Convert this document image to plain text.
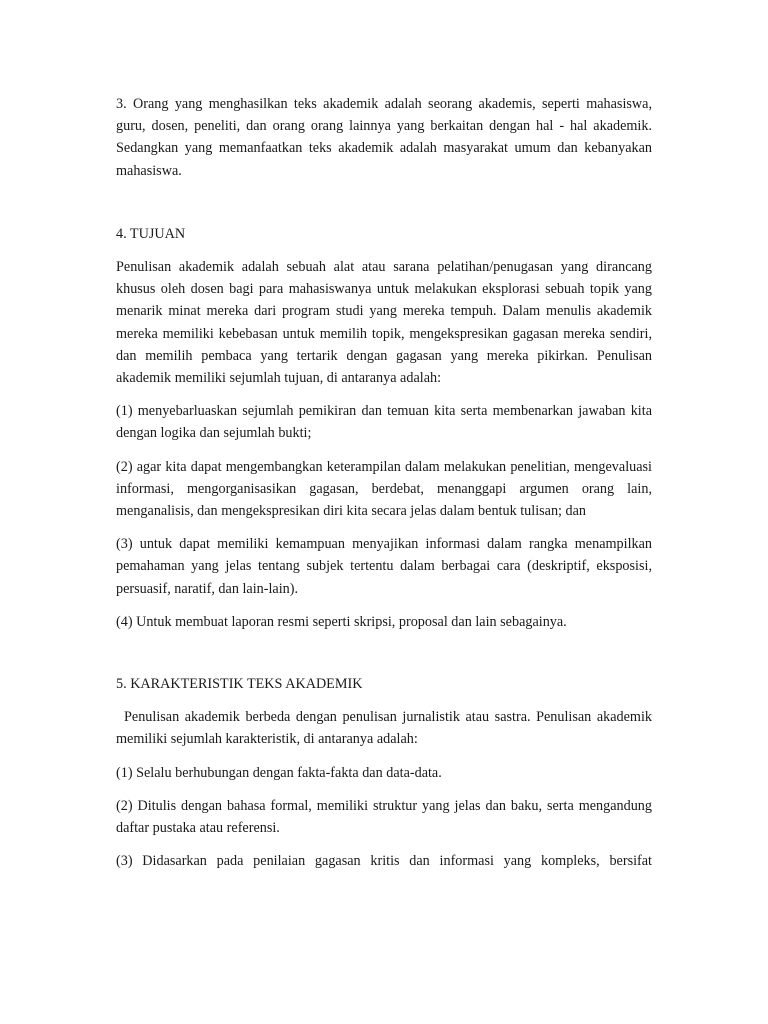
3. Orang yang menghasilkan teks akademik adalah seorang akademis, seperti mahasiswa, guru, dosen, peneliti, dan orang orang lainnya yang berkaitan dengan hal - hal akademik. Sedangkan yang memanfaatkan teks akademik adalah masyarakat umum dan kebanyakan mahasiswa.

4. TUJUAN

Penulisan akademik adalah sebuah alat atau sarana pelatihan/penugasan yang dirancang khusus oleh dosen bagi para mahasiswanya untuk melakukan eksplorasi sebuah topik yang menarik minat mereka dari program studi yang mereka tempuh. Dalam menulis akademik mereka memiliki kebebasan untuk memilih topik, mengekspresikan gagasan mereka sendiri, dan memilih pembaca yang tertarik dengan gagasan yang mereka pikirkan. Penulisan akademik memiliki sejumlah tujuan, di antaranya adalah:

(1) menyebarluaskan sejumlah pemikiran dan temuan kita serta membenarkan jawaban kita dengan logika dan sejumlah bukti;

(2) agar kita dapat mengembangkan keterampilan dalam melakukan penelitian, mengevaluasi informasi, mengorganisasikan gagasan, berdebat, menanggapi argumen orang lain, menganalisis, dan mengekspresikan diri kita secara jelas dalam bentuk tulisan; dan

(3) untuk dapat memiliki kemampuan menyajikan informasi dalam rangka menampilkan pemahaman yang jelas tentang subjek tertentu dalam berbagai cara (deskriptif, eksposisi, persuasif, naratif, dan lain-lain).

(4) Untuk membuat laporan resmi seperti skripsi, proposal dan lain sebagainya.

5. KARAKTERISTIK TEKS AKADEMIK

Penulisan akademik berbeda dengan penulisan jurnalistik atau sastra. Penulisan akademik memiliki sejumlah karakteristik, di antaranya adalah:

(1) Selalu berhubungan dengan fakta-fakta dan data-data.

(2) Ditulis dengan bahasa formal, memiliki struktur yang jelas dan baku, serta mengandung daftar pustaka atau referensi.

(3) Didasarkan pada penilaian gagasan kritis dan informasi yang kompleks, bersifat
